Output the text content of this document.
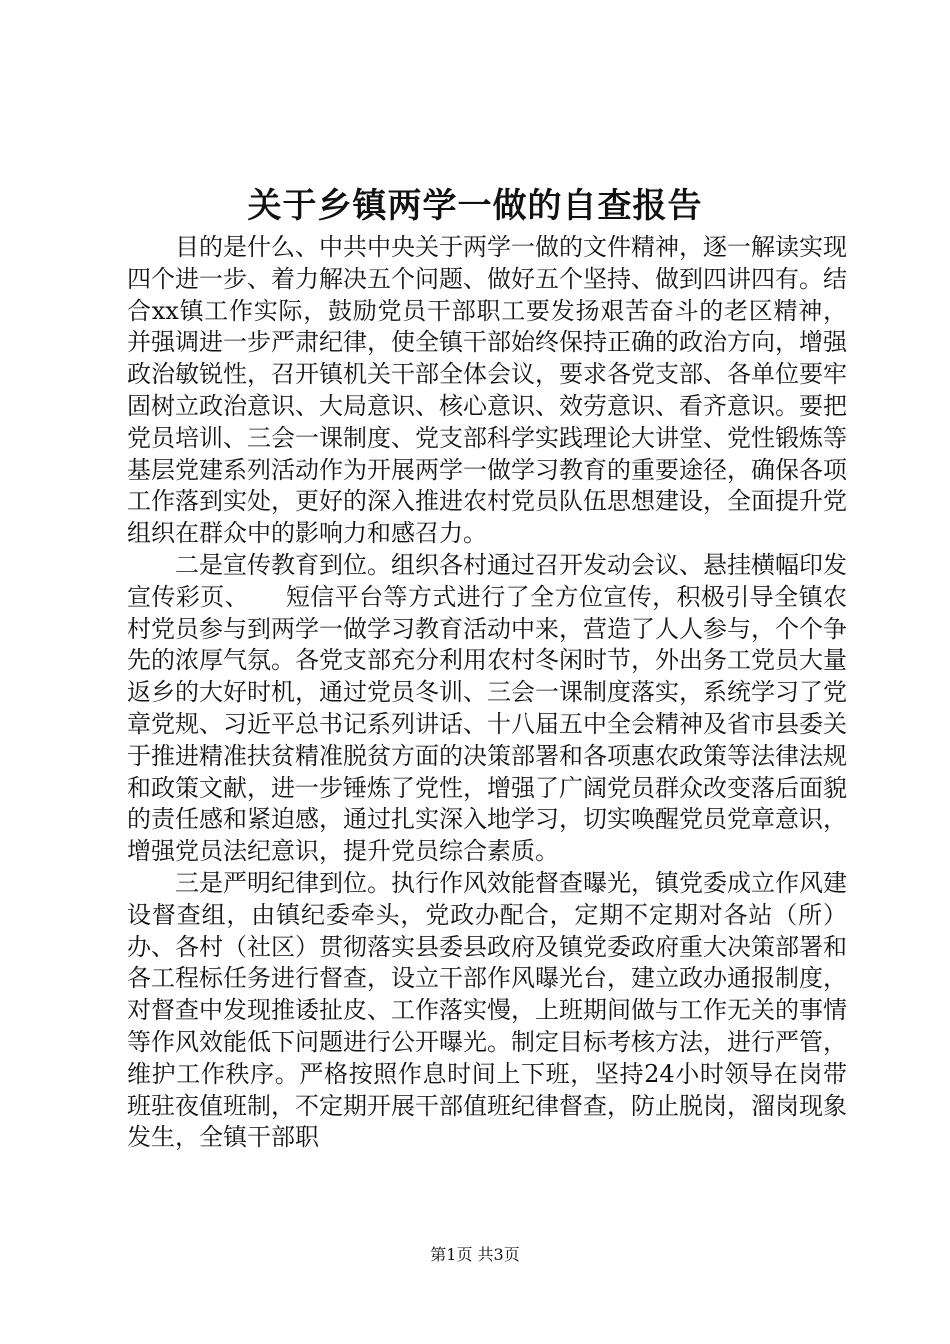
关于乡镇两学一做的自查报告

目的是什么、中共中央关于两学一做的文件精神，逐一解读实现四个进一步、着力解决五个问题、做好五个坚持、做到四讲四有。结合xx镇工作实际，鼓励党员干部职工要发扬艰苦奋斗的老区精神，并强调进一步严肃纪律，使全镇干部始终保持正确的政治方向，增强政治敏锐性，召开镇机关干部全体会议，要求各党支部、各单位要牢固树立政治意识、大局意识、核心意识、效劳意识、看齐意识。要把党员培训、三会一课制度、党支部科学实践理论大讲堂、党性锻炼等基层党建系列活动作为开展两学一做学习教育的重要途径，确保各项工作落到实处，更好的深入推进农村党员队伍思想建设，全面提升党组织在群众中的影响力和感召力。

二是宣传教育到位。组织各村通过召开发动会议、悬挂横幅印发宣传彩页、　　短信平台等方式进行了全方位宣传，积极引导全镇农村党员参与到两学一做学习教育活动中来，营造了人人参与，个个争先的浓厚气氛。各党支部充分利用农村冬闲时节，外出务工党员大量返乡的大好时机，通过党员冬训、三会一课制度落实，系统学习了党章党规、习近平总书记系列讲话、十八届五中全会精神及省市县委关于推进精准扶贫精准脱贫方面的决策部署和各项惠农政策等法律法规和政策文献，进一步锤炼了党性，增强了广阔党员群众改变落后面貌的责任感和紧迫感，通过扎实深入地学习，切实唤醒党员党章意识，增强党员法纪意识，提升党员综合素质。

三是严明纪律到位。执行作风效能督查曝光，镇党委成立作风建设督查组，由镇纪委牵头，党政办配合，定期不定期对各站（所）办、各村（社区）贯彻落实县委县政府及镇党委政府重大决策部署和各工程标任务进行督查，设立干部作风曝光台，建立政办通报制度，对督查中发现推诿扯皮、工作落实慢，上班期间做与工作无关的事情等作风效能低下问题进行公开曝光。制定目标考核方法，进行严管，维护工作秩序。严格按照作息时间上下班，坚持24小时领导在岗带班驻夜值班制，不定期开展干部值班纪律督查，防止脱岗，溜岗现象发生，全镇干部职

第1页 共3页
